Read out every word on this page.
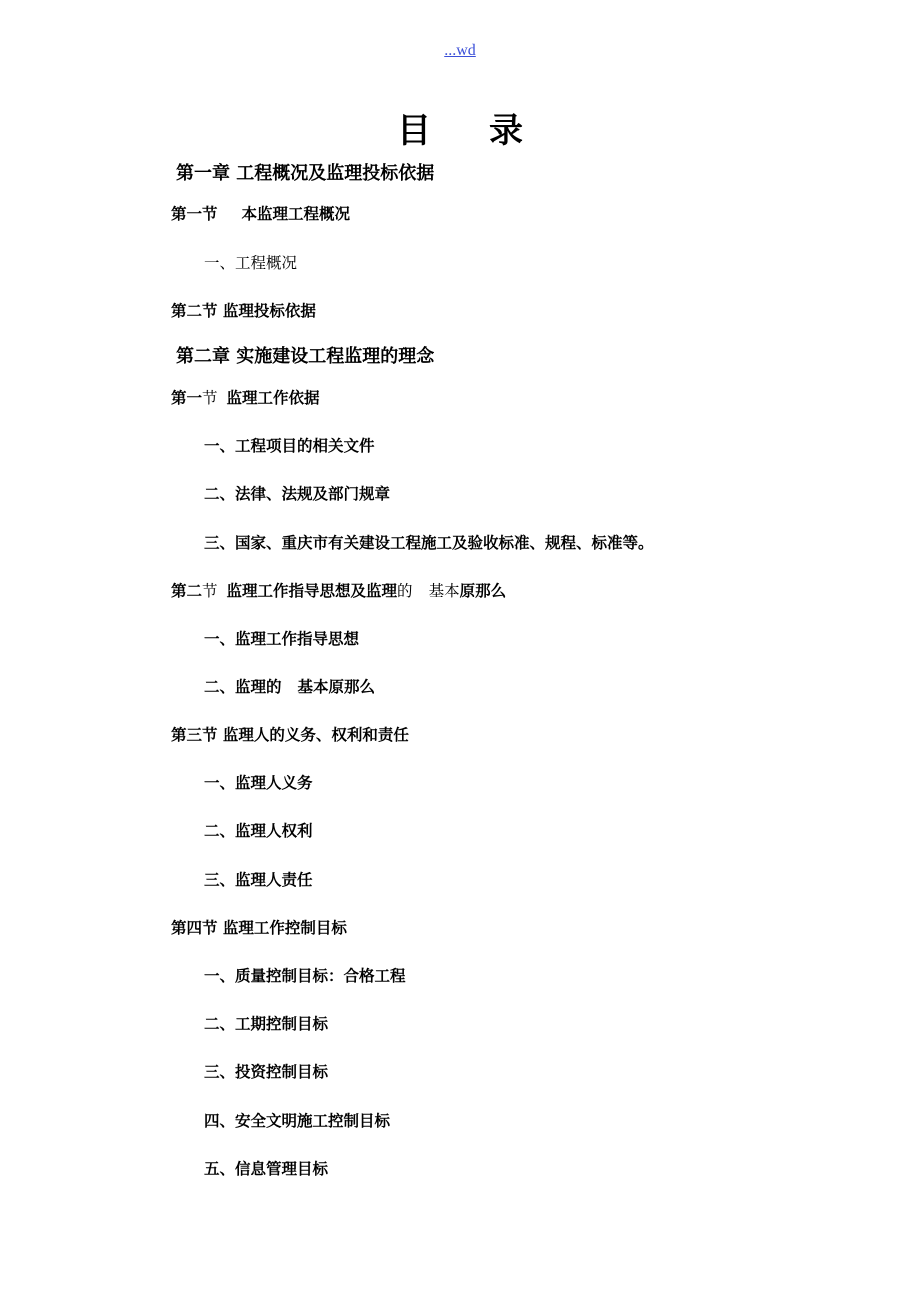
...wd
目录
第一章 工程概况及监理投标依据
第一节 本监理工程概况
一、工程概况
第二节 监理投标依据
第二章 实施建设工程监理的理念
第一节 监理工作依据
一、工程项目的相关文件
二、法律、法规及部门规章
三、国家、重庆市有关建设工程施工及验收标准、规程、标准等。
第二节 监理工作指导思想及监理的 基本原那么
一、监理工作指导思想
二、监理的 基本原那么
第三节 监理人的义务、权利和责任
一、监理人义务
二、监理人权利
三、监理人责任
第四节 监理工作控制目标
一、质量控制目标：合格工程
二、工期控制目标
三、投资控制目标
四、安全文明施工控制目标
五、信息管理目标
